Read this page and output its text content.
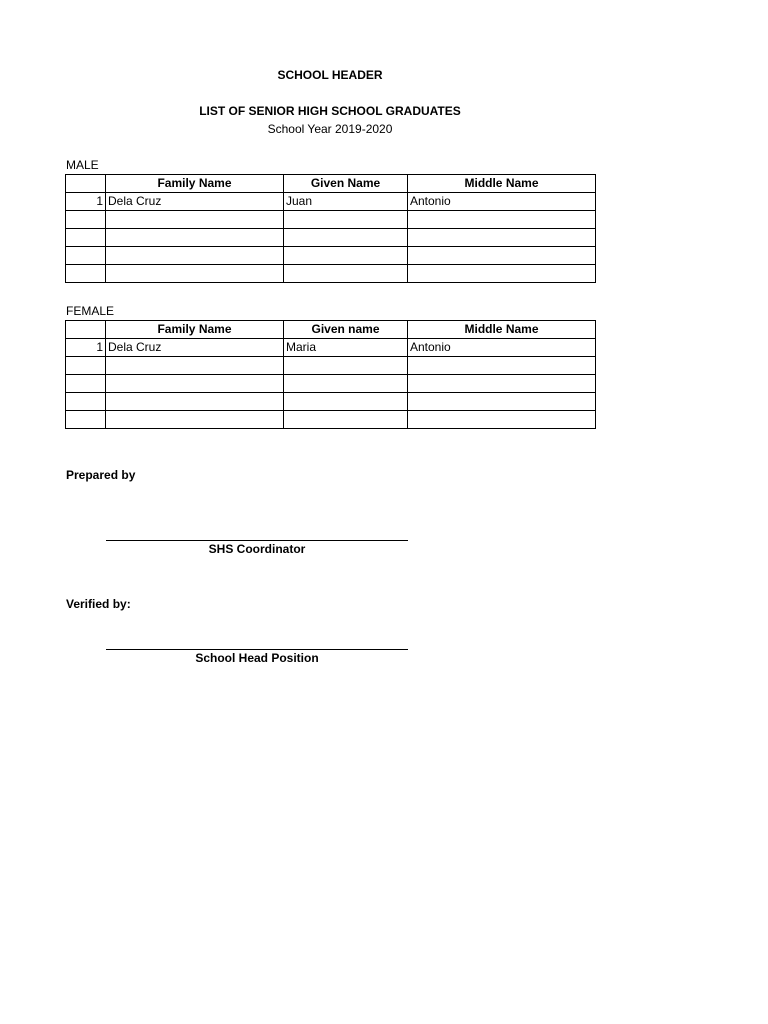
SCHOOL HEADER
LIST OF SENIOR HIGH SCHOOL GRADUATES
School Year 2019-2020
MALE
	Family Name	Given Name	Middle Name
1	Dela Cruz	Juan	Antonio

FEMALE
	Family Name	Given name	Middle Name
1	Dela Cruz	Maria	Antonio

Prepared by
SHS Coordinator
Verified by:
School Head Position
